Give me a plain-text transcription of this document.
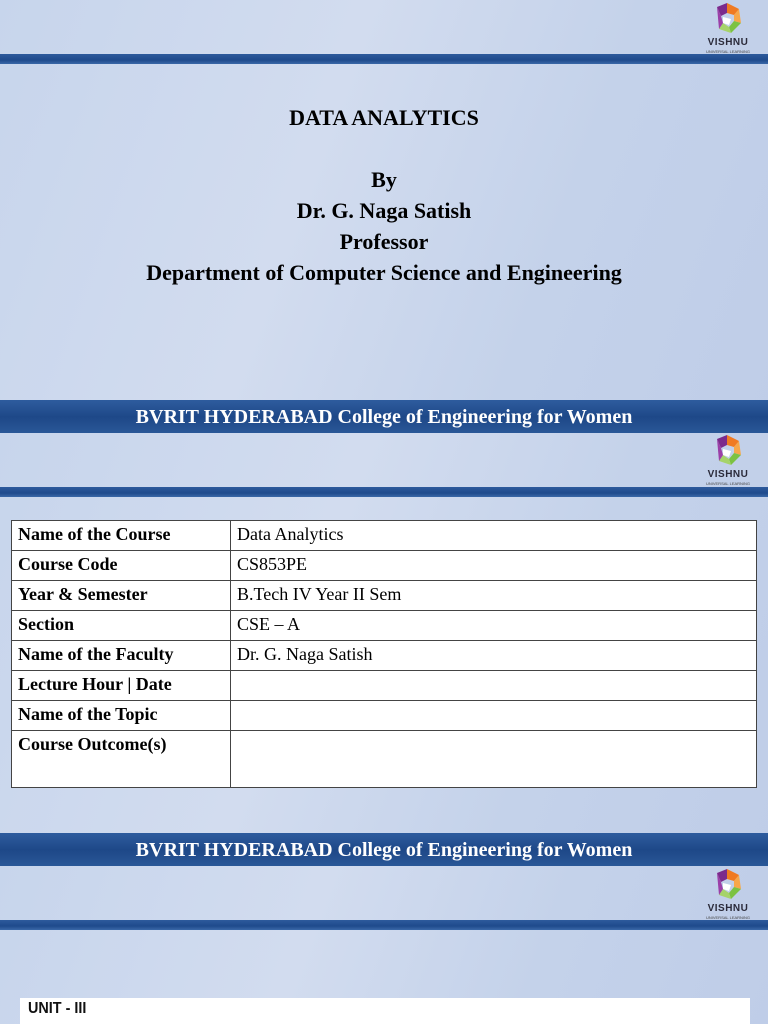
VISHNU
UNIVERSAL LEARNING
DATA ANALYTICS
By
Dr. G. Naga Satish
Professor
Department of Computer Science and Engineering
BVRIT HYDERABAD College of Engineering for Women
VISHNU
UNIVERSAL LEARNING
BVRIT HYDERABAD College of Engineering for Women
Name of the Course	Data Analytics
Course Code	CS853PE
Year & Semester	B.Tech IV Year II Sem
Section	CSE – A
Name of the Faculty	Dr. G. Naga Satish
Lecture Hour | Date	
Name of the Topic	
Course Outcome(s)	
VISHNU
UNIVERSAL LEARNING
UNIT - III
